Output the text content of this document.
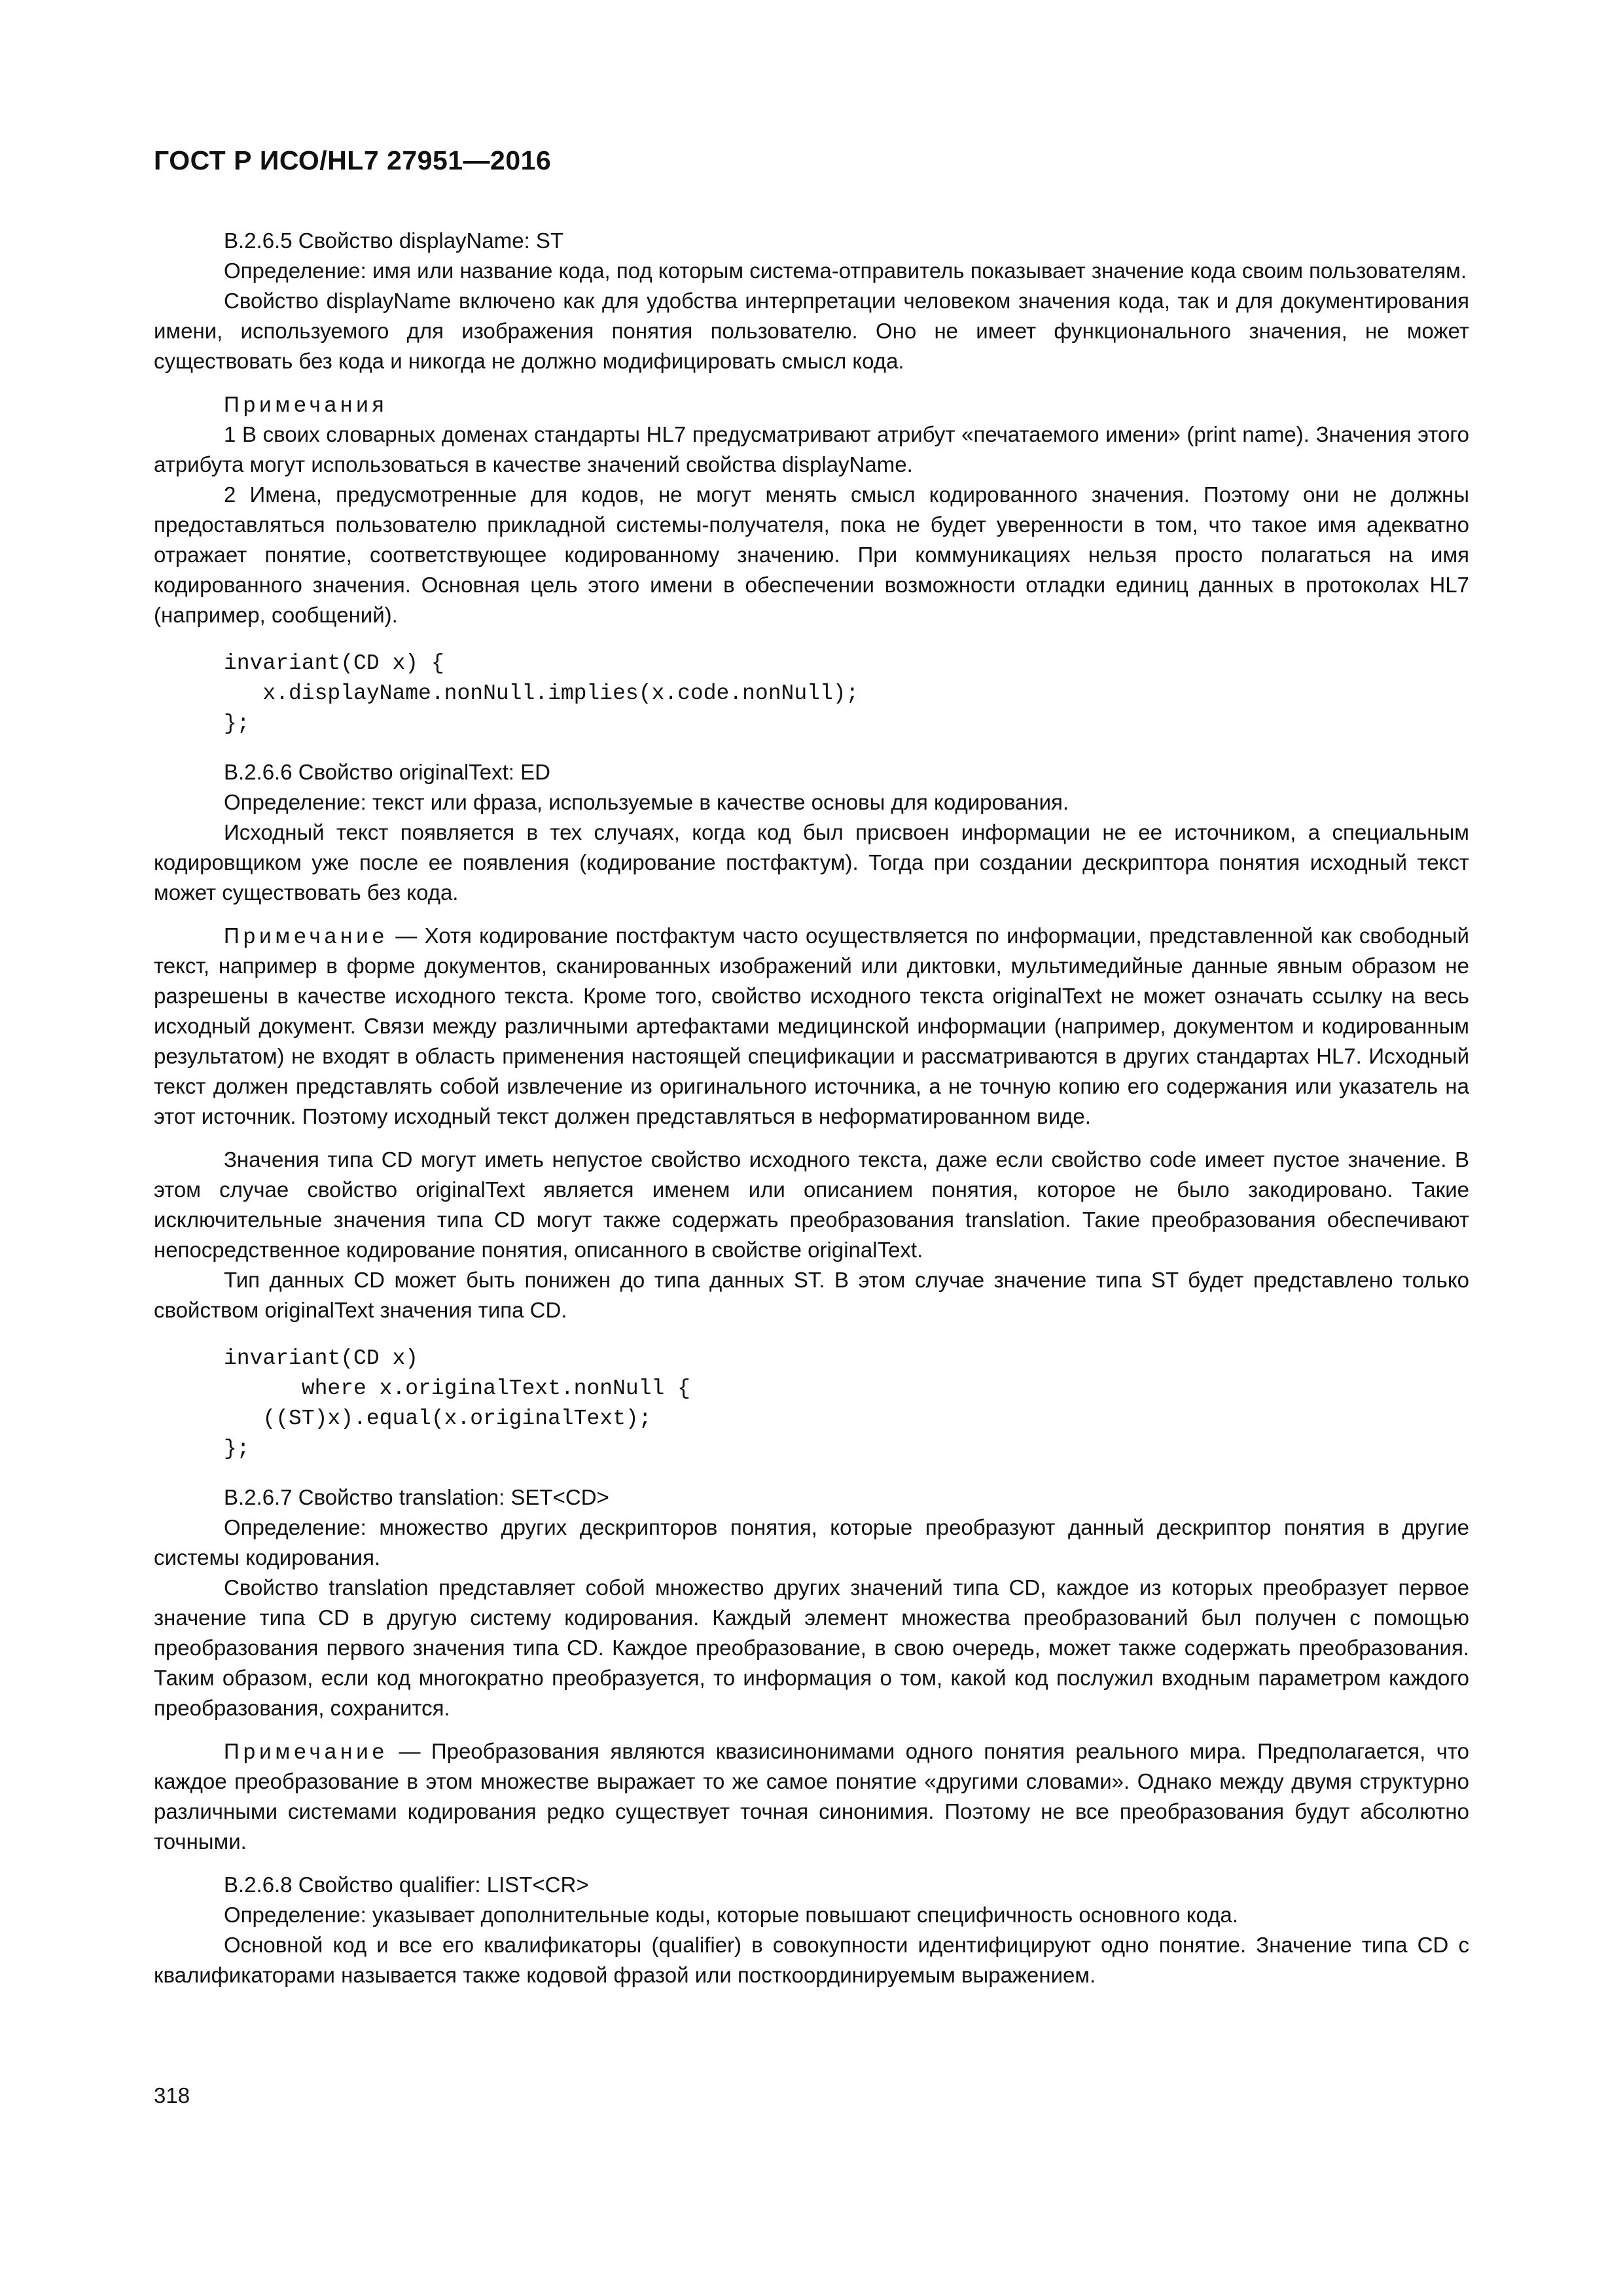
ГОСТ Р ИСО/HL7 27951—2016

B.2.6.5 Свойство displayName: ST

Определение: имя или название кода, под которым система-отправитель показывает значение кода своим пользователям.

Свойство displayName включено как для удобства интерпретации человеком значения кода, так и для документирования имени, используемого для изображения понятия пользователю. Оно не имеет функционального значения, не может существовать без кода и никогда не должно модифицировать смысл кода.

Примечания

1 В своих словарных доменах стандарты HL7 предусматривают атрибут «печатаемого имени» (print name). Значения этого атрибута могут использоваться в качестве значений свойства displayName.

2 Имена, предусмотренные для кодов, не могут менять смысл кодированного значения. Поэтому они не должны предоставляться пользователю прикладной системы-получателя, пока не будет уверенности в том, что такое имя адекватно отражает понятие, соответствующее кодированному значению. При коммуникациях нельзя просто полагаться на имя кодированного значения. Основная цель этого имени в обеспечении возможности отладки единиц данных в протоколах HL7 (например, сообщений).

invariant(CD x) {
x.displayName.nonNull.implies(x.code.nonNull);
};

B.2.6.6 Свойство originalText: ED

Определение: текст или фраза, используемые в качестве основы для кодирования.

Исходный текст появляется в тех случаях, когда код был присвоен информации не ее источником, а специальным кодировщиком уже после ее появления (кодирование постфактум). Тогда при создании дескриптора понятия исходный текст может существовать без кода.

Примечание — Хотя кодирование постфактум часто осуществляется по информации, представленной как свободный текст, например в форме документов, сканированных изображений или диктовки, мультимедийные данные явным образом не разрешены в качестве исходного текста. Кроме того, свойство исходного текста originalText не может означать ссылку на весь исходный документ. Связи между различными артефактами медицинской информации (например, документом и кодированным результатом) не входят в область применения настоящей спецификации и рассматриваются в других стандартах HL7. Исходный текст должен представлять собой извлечение из оригинального источника, а не точную копию его содержания или указатель на этот источник. Поэтому исходный текст должен представляться в неформатированном виде.

Значения типа CD могут иметь непустое свойство исходного текста, даже если свойство code имеет пустое значение. В этом случае свойство originalText является именем или описанием понятия, которое не было закодировано. Такие исключительные значения типа CD могут также содержать преобразования translation. Такие преобразования обеспечивают непосредственное кодирование понятия, описанного в свойстве originalText.

Тип данных CD может быть понижен до типа данных ST. В этом случае значение типа ST будет представлено только свойством originalText значения типа CD.

invariant(CD x)
where x.originalText.nonNull {
((ST)x).equal(x.originalText);
};

B.2.6.7 Свойство translation: SET<CD>

Определение: множество других дескрипторов понятия, которые преобразуют данный дескриптор понятия в другие системы кодирования.

Свойство translation представляет собой множество других значений типа CD, каждое из которых преобразует первое значение типа CD в другую систему кодирования. Каждый элемент множества преобразований был получен с помощью преобразования первого значения типа CD. Каждое преобразование, в свою очередь, может также содержать преобразования. Таким образом, если код многократно преобразуется, то информация о том, какой код послужил входным параметром каждого преобразования, сохранится.

Примечание — Преобразования являются квазисинонимами одного понятия реального мира. Предполагается, что каждое преобразование в этом множестве выражает то же самое понятие «другими словами». Однако между двумя структурно различными системами кодирования редко существует точная синонимия. Поэтому не все преобразования будут абсолютно точными.

B.2.6.8 Свойство qualifier: LIST<CR>

Определение: указывает дополнительные коды, которые повышают специфичность основного кода.

Основной код и все его квалификаторы (qualifier) в совокупности идентифицируют одно понятие. Значение типа CD с квалификаторами называется также кодовой фразой или посткоординируемым выражением.

318
